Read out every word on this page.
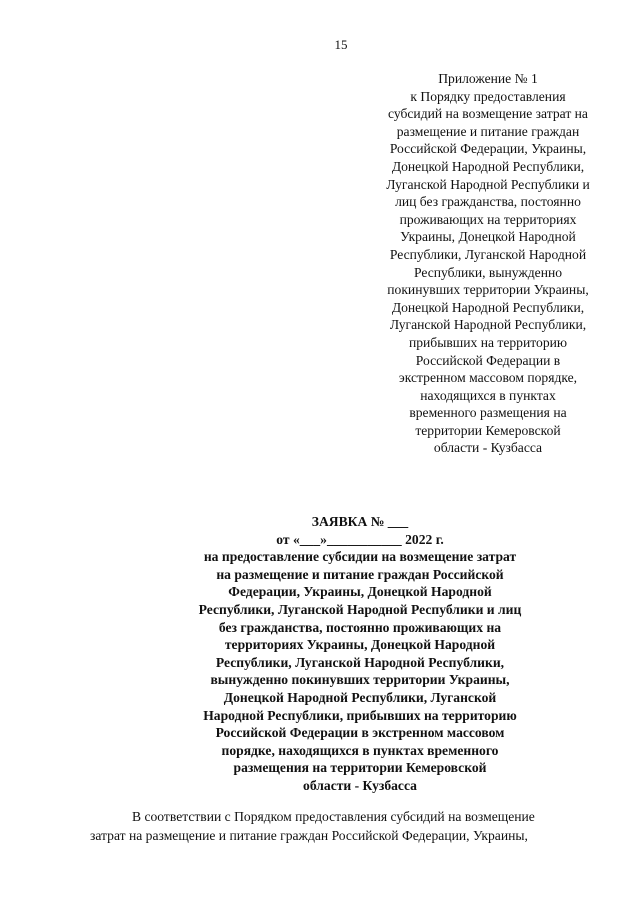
15
Приложение № 1
к Порядку предоставления
субсидий на возмещение затрат на
размещение и питание граждан
Российской Федерации, Украины,
Донецкой Народной Республики,
Луганской Народной Республики и
лиц без гражданства, постоянно
проживающих на территориях
Украины, Донецкой Народной
Республики, Луганской Народной
Республики, вынужденно
покинувших территории Украины,
Донецкой Народной Республики,
Луганской Народной Республики,
прибывших на территорию
Российской Федерации в
экстренном массовом порядке,
находящихся в пунктах
временного размещения на
территории Кемеровской
области - Кузбасса
ЗАЯВКА № ___
от «___»___________ 2022 г.
на предоставление субсидии на возмещение затрат
на размещение и питание граждан Российской
Федерации, Украины, Донецкой Народной
Республики, Луганской Народной Республики и лиц
без гражданства, постоянно проживающих на
территориях Украины, Донецкой Народной
Республики, Луганской Народной Республики,
вынужденно покинувших территории Украины,
Донецкой Народной Республики, Луганской
Народной Республики, прибывших на территорию
Российской Федерации в экстренном массовом
порядке, находящихся в пунктах временного
размещения на территории Кемеровской
области - Кузбасса
В соответствии с Порядком предоставления субсидий на возмещение
затрат на размещение и питание граждан Российской Федерации, Украины,
